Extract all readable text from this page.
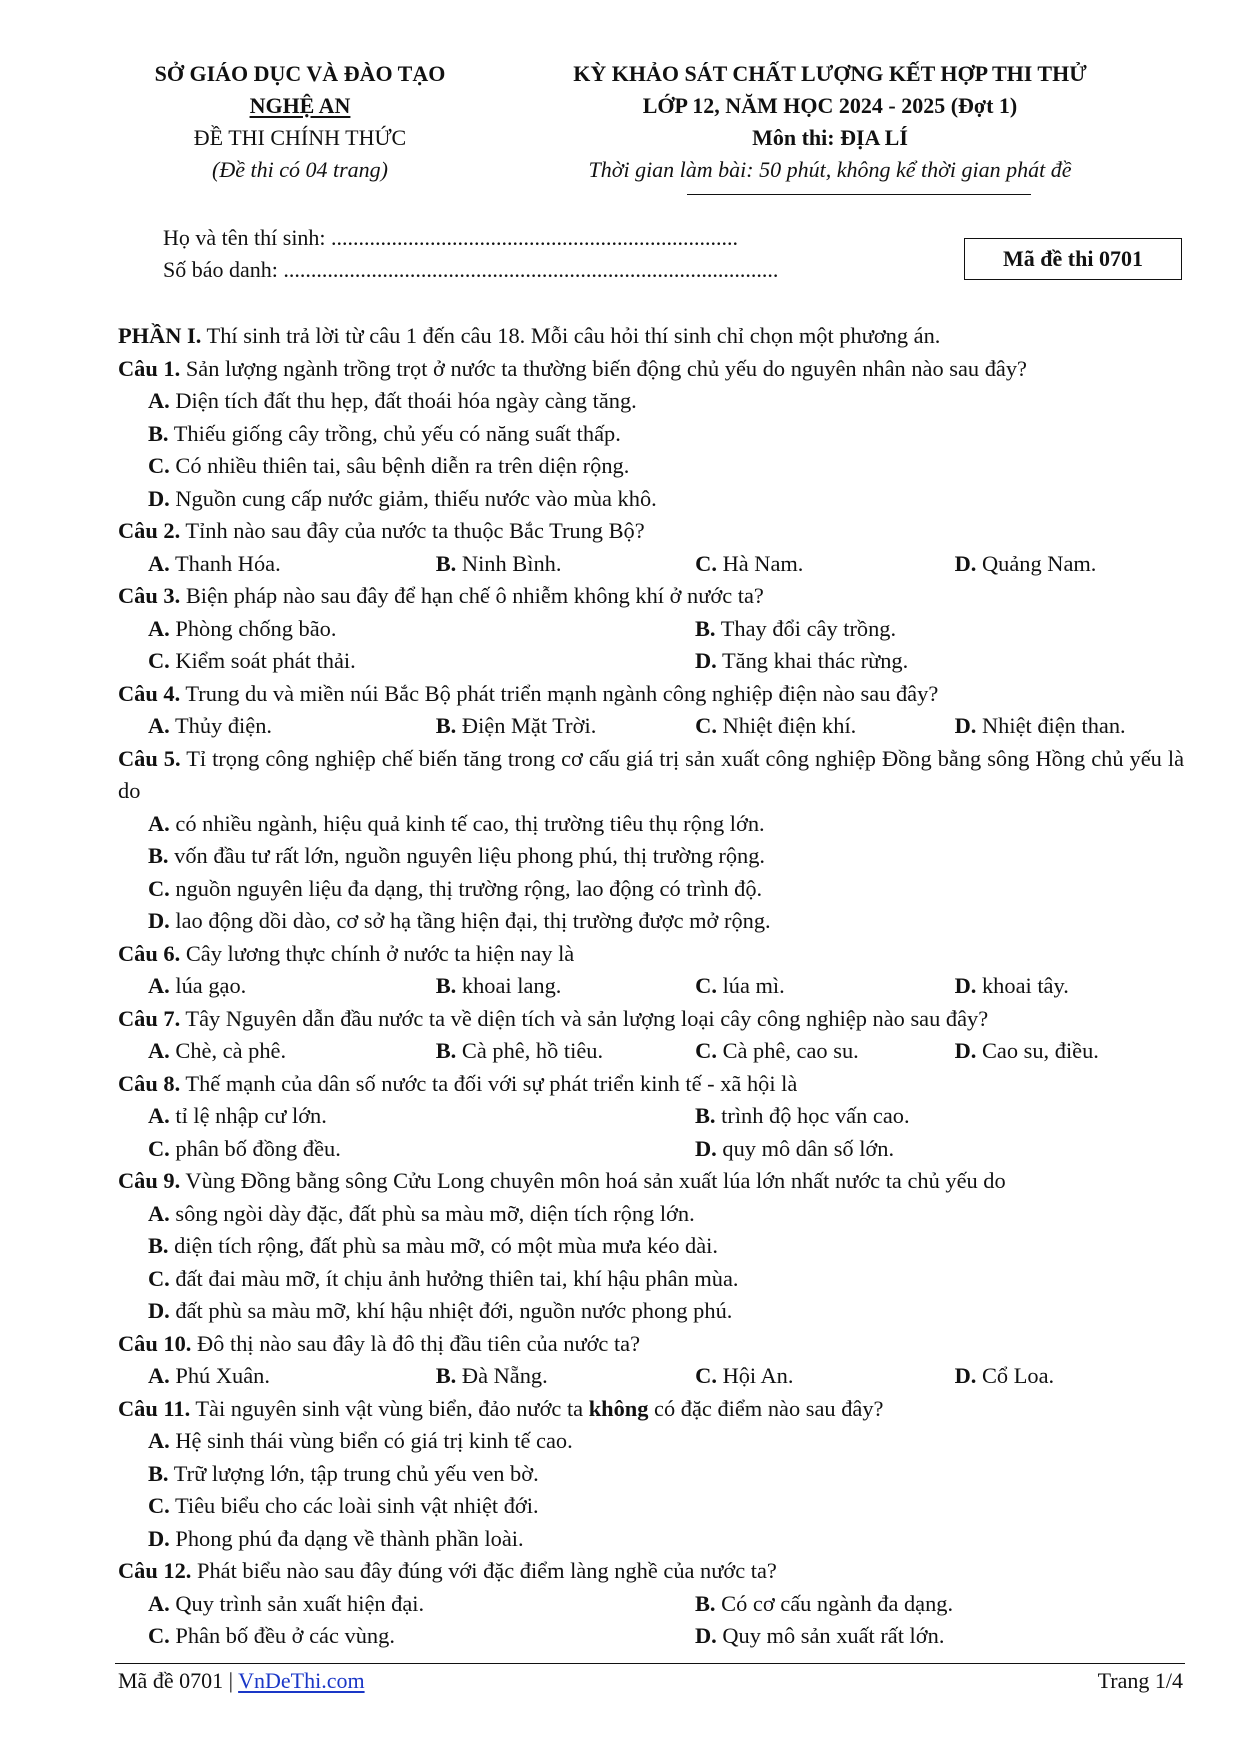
SỞ GIÁO DỤC VÀ ĐÀO TẠO
NGHỆ AN
ĐỀ THI CHÍNH THỨC
(Đề thi có 04 trang)
KỲ KHẢO SÁT CHẤT LƯỢNG KẾT HỢP THI THỬ
LỚP 12, NĂM HỌC 2024 - 2025 (Đợt 1)
Môn thi: ĐỊA LÍ
Thời gian làm bài: 50 phút, không kể thời gian phát đề
Họ và tên thí sinh: ..........................................................................
Số báo danh: ..........................................................................................	Mã đề thi 0701
PHẦN I. Thí sinh trả lời từ câu 1 đến câu 18. Mỗi câu hỏi thí sinh chỉ chọn một phương án.
Câu 1. Sản lượng ngành trồng trọt ở nước ta thường biến động chủ yếu do nguyên nhân nào sau đây?
A. Diện tích đất thu hẹp, đất thoái hóa ngày càng tăng.
B. Thiếu giống cây trồng, chủ yếu có năng suất thấp.
C. Có nhiều thiên tai, sâu bệnh diễn ra trên diện rộng.
D. Nguồn cung cấp nước giảm, thiếu nước vào mùa khô.
Câu 2. Tỉnh nào sau đây của nước ta thuộc Bắc Trung Bộ?
A. Thanh Hóa.	B. Ninh Bình.	C. Hà Nam.	D. Quảng Nam.
Câu 3. Biện pháp nào sau đây để hạn chế ô nhiễm không khí ở nước ta?
A. Phòng chống bão.	B. Thay đổi cây trồng.
C. Kiểm soát phát thải.	D. Tăng khai thác rừng.
Câu 4. Trung du và miền núi Bắc Bộ phát triển mạnh ngành công nghiệp điện nào sau đây?
A. Thủy điện.	B. Điện Mặt Trời.	C. Nhiệt điện khí.	D. Nhiệt điện than.
Câu 5. Tỉ trọng công nghiệp chế biến tăng trong cơ cấu giá trị sản xuất công nghiệp Đồng bằng sông Hồng chủ yếu là do
A. có nhiều ngành, hiệu quả kinh tế cao, thị trường tiêu thụ rộng lớn.
B. vốn đầu tư rất lớn, nguồn nguyên liệu phong phú, thị trường rộng.
C. nguồn nguyên liệu đa dạng, thị trường rộng, lao động có trình độ.
D. lao động dồi dào, cơ sở hạ tầng hiện đại, thị trường được mở rộng.
Câu 6. Cây lương thực chính ở nước ta hiện nay là
A. lúa gạo.	B. khoai lang.	C. lúa mì.	D. khoai tây.
Câu 7. Tây Nguyên dẫn đầu nước ta về diện tích và sản lượng loại cây công nghiệp nào sau đây?
A. Chè, cà phê.	B. Cà phê, hồ tiêu.	C. Cà phê, cao su.	D. Cao su, điều.
Câu 8. Thế mạnh của dân số nước ta đối với sự phát triển kinh tế - xã hội là
A. tỉ lệ nhập cư lớn.	B. trình độ học vấn cao.
C. phân bố đồng đều.	D. quy mô dân số lớn.
Câu 9. Vùng Đồng bằng sông Cửu Long chuyên môn hoá sản xuất lúa lớn nhất nước ta chủ yếu do
A. sông ngòi dày đặc, đất phù sa màu mỡ, diện tích rộng lớn.
B. diện tích rộng, đất phù sa màu mỡ, có một mùa mưa kéo dài.
C. đất đai màu mỡ, ít chịu ảnh hưởng thiên tai, khí hậu phân mùa.
D. đất phù sa màu mỡ, khí hậu nhiệt đới, nguồn nước phong phú.
Câu 10. Đô thị nào sau đây là đô thị đầu tiên của nước ta?
A. Phú Xuân.	B. Đà Nẵng.	C. Hội An.	D. Cổ Loa.
Câu 11. Tài nguyên sinh vật vùng biển, đảo nước ta không có đặc điểm nào sau đây?
A. Hệ sinh thái vùng biển có giá trị kinh tế cao.
B. Trữ lượng lớn, tập trung chủ yếu ven bờ.
C. Tiêu biểu cho các loài sinh vật nhiệt đới.
D. Phong phú đa dạng về thành phần loài.
Câu 12. Phát biểu nào sau đây đúng với đặc điểm làng nghề của nước ta?
A. Quy trình sản xuất hiện đại.	B. Có cơ cấu ngành đa dạng.
C. Phân bố đều ở các vùng.	D. Quy mô sản xuất rất lớn.
Mã đề 0701 | VnDeThi.com	Trang 1/4
